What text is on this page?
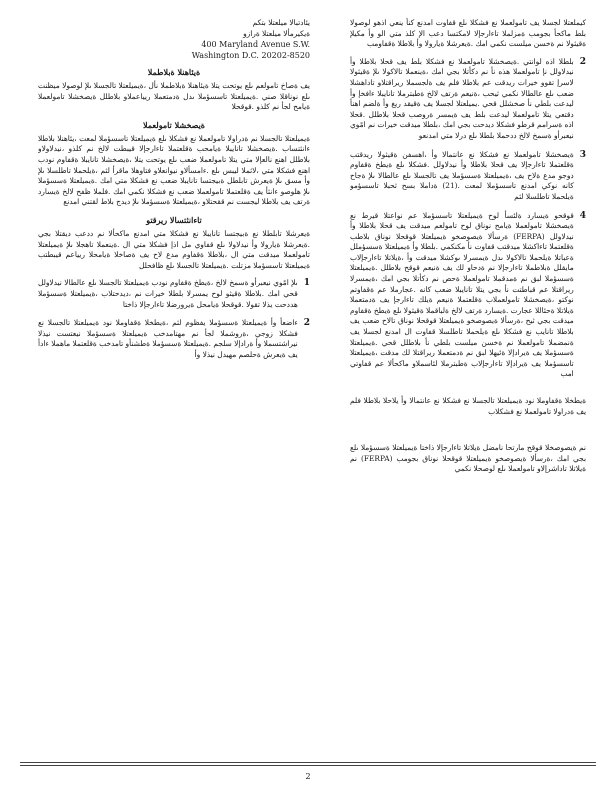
كيملعتلا لجسلا يف تامولعملا نع فشكلا ىلع قفاوت امدنع كنأ ينعي اذهو لوصولا بلط ماكحأ بجومب ةمزلملا تاءارجإلا لامكتسا دعب الإ كلذ متي الو وأ مكيلإ ةقيثولا نم ةخسن ميلست نكمي امك .ةيعرشلا ةيارولا وأ بلاطلا ةقفاومب

2

بلطلا اذه لوانتي .ةيصخشلا تامولعملا نع فشكلا بلط يف قحلا بلاطلا وأ نيدلاولل نإ تامولعملا هذه نأ نم دكأتلا بجي امك ،ةينعملا تالاكولا ىلإ ةقيثولا لاسرإ تقوو خيرات ريدقت عم بلاطلا فلم يف ةلجسملا ريراقتلاو تاداهشلا ضعب ىلع عالطالا نكمي ثيحب ،ةنيعم ةرتف لالخ ةطبترملا تانايبلا ءافخإ وأ ليدعت بلطي نأ صخشلل قحي .يميلعتلا لجسلا يف ةقيقد ريغ وأ ةلضم اهنأ دقتعي يتلا تامولعملا ليدعت بلط يف ةيمسر ةروصب قحلا بلاطلل .قحلا اذه ةسرامم قرطو فشكلا ديدحت بجي امك ،بلطلا ميدقت خيرات نم امًوي نيعبرأو ةسمخ لالخ ددحملا بلطلا ىلع درلا متي امدنعو

3

ةيصخشلا تامولعملا نع فشكلا نع عانتمالا وأ ،اهسفن ةقيثولا ريدقتب ةقلعتملا تاءارجإلا يف قحلا بلاطلا وأ نيدلاولل .فشكلا ىلع ةيطخ ةقفاوم دوجو مدع ةلاح يف ،ةيميلعتلا ةسسؤملا يف تالجسلا ىلع عالطالا ىلإ ةجاح كانه نوكي امدنع تاسسؤملا لمعت .(21) ةداملا بسح ثحبلا تاسسؤمو ةيلحملا تاطلسلا لثم

4

قوقحو ةيسارد ةلئسأ لوح ةيميلعتلا تاسسؤملا عم نواعتلا قيرط نع ةيصخشلا تامولعملا ةيامح نوناق لوح تامولعم ميدقت يف قحلا بلاطلا وأ نيدلاولل (FERPA) ةرسألا ةيصوصخو ةيميلعتلا قوقحلا نوناق بلاطب ةقلعتملا تاءاكشلا ميدقتب قفاوت نأ مكنكمي .بلطلا وأ ةيميلعتلا ةسسؤملل ةعباتلا ةيلحملا تالاكولا ىدل ةيمسرلا ىوكشلا ميدقت وأ ،ةيلاتلا تاءارجإلاب مايقلل ةبلاطملا تاءارجإلا نم ةدحاو لك يف ةنيعم قوقح بلاطلل .ةيميلعتلا ةسسؤملا لبق نم ةمدقملا تامولعملا ةحص نم دكأتلا بجي امك ،ةيمسرلا ريراقتلا عم قباطتت نأ بجي يتلا تانايبلا ضعب كانه .عجارملا عم ةقفاوتم نوكتو ،ةيصخشلا تامولعملاب ةقلعتملا ةنيعم ةيلك تاءارجإ يف ةدمتعملا ةيلاتلا ةحئاللا عجارت .ةيسارد ةرتف لالخ ةلباقملا ةقيثولا ىلع ةيطخ ةقفاوم ميدقت بجي ثيح ،ةرسألا ةيصوصخو ةيميلعتلا قوقحلا نوناق تالاح ضعب يف بلاطلا تانايب نع فشكلا ىلع ةيلحملا تاطلسلا قفاوت ال امدنع لجسلا يف ةنمضملا تامولعملا نم ةخسن ميلست بلطي نأ بلاطلل قحي .ةيميلعتلا ةسسؤملا يف ةيرادإلا ةئيهلا لبق نم ةدمتعملا ريراقتلا لك مدقت ،ةيميلعتلا تاسسؤملا يف ةيرادإلا تاءارجإلاب ةطبترملا لئاسملاو ماكحألا عم قفاوتي امب

ةيطخلا ةقفاوملا نود ةيميلعتلا تالجسلا نع فشكلا نع عانتمالا وأ يلاحلا بلاطلا فلم يف ةدراولا تامولعملا نع فشكلاب

نم ةيصوصخلا قوقح مارتحا نامضل ةيلاتلا تاءارجإلا ذاختا ةيميلعتلا ةسسؤملا ىلع بجي امك ،ةرسألا ةيصوصخو ةيميلعتلا قوقحلا نوناق بجومب (FERPA) نم ةيلاتلا تاداشرإلاو تامولعملا ىلع لوصحلا نكمي

يئادتبالا ميلعتلا بتكم
ةيكيرمألا ميلعتلا ةرازو
400 Maryland Avenue S.W.
Washington D.C. 20202-8520
ةيئاهنلا ةبلاطملا

يف ةصاخ تامولعم ىلع يوتحت يتلا ةيئاهنلا ةبلاطملا نأل ،ةيميلعتلا تالجسلا ىلإ لوصولا ميظنت ىلع نوناقلا صني .ةيميلعتلا تاسسؤملا ىدل ةدمتعملا ريياعملاو بلاطلل ةيصخشلا تامولعملا ةيامح لجأ نم كلذو .قوقحلا

ةيصخشلا تامولعملا

ةيميلعتلا تالجسلا نم ةدراولا تامولعملا نع فشكلا ىلع ةيميلعتلا تاسسؤملا لمعت ،يئاهنلا بلاطلا ءانثتساب .ةيصخشلا تانايبلا ةيامحب ةقلعتملا تاءارجإلا قيبطت لالخ نم كلذو ،نيدلاولاو بلاطلل اهنع نالعإلا متي يتلا تامولعملا ضعب ىلع يوتحت يتلا ،ةيصخشلا تانايبلا ةقفاوم نودب اهنع فشكلا متي ،لاثملا ليبس ىلع .ءامسألاو نيوانعلاو فتاوهلا ماقرأ لثم ،ةيلحملا تاطلسلا ىلإ وأ مسق ىلإ ةيعرش تابلطل ةبيجتسا تانايبلا ضعب نع فشكلا متي امك .ةيميلعتلا ةسسؤملا ىلإ هلوصو ءانثأ يف ةقلعتملا تامولعملا ضعب نع فشكلا نكمي امك .فلملا ظفح لالخ ةيسارد ةرتف يف بلاطلا ليجست نم ققحتلاو ،ةيميلعتلا ةسسؤملا ىلإ ديدج بلاط لقتني امدنع

تاءانثتسالا ريرقتو

ةيعرشلا تابلطلا نع ةبيجتسا تانايبلا نع فشكلا متي امدنع ماكحألا نم ددعب ديقتلا بجي .ةيعرشلا ةيارولا وأ نيدلاولا ىلع قفاوي مل اذإ فشكلا متي ال .ةينعملا تاهجلا ىلإ ةيميلعتلا تامولعملا ميدقت متي ال ،بلاطلا ةقفاوم مدع لاح يف ةصاخلا ةيامحلا ريياعم قيبطتب ةيميلعتلا تاسسؤملا مزتلت .ةيميلعتلا تالجسلا ىلع ظافحلل

1

ىلإ امًوي نيعبرأو ةسمخ لالخ ،ةيطخ ةقفاوم نودب ةيميلعتلا تالجسلا ىلع عالطالا نيدلاولل قحي امك .بلاطلا ةقيثو لوح يمسرلا بلطلا خيرات نم ،ديدحتلاب ،ةيميلعتلا ةسسؤملا هددحت يذلا تقولا .قوقحلا ةيامحل ةيرورضلا تاءارجإلا ذاختا

2

ءاضعأ وأ ةيميلعتلا ةسسؤملا يفظوم لثم ،ةيطخلا ةقفاوملا نود ةيميلعتلا تالجسلا نع فشكلا زوجي ،ةروشملا لجأ نم مهتامدخب ةيميلعتلا ةسسؤملا نيعتست نيذلا نيراشتسملا وأ ةرادإلا سلجم .ةيميلعتلا ةسسؤملا ةطشنأو تامدخب ةقلعتملا ماهملا ءادأ يف ةيعرش ةحلصم مهيدل نيذلا وأ

2
